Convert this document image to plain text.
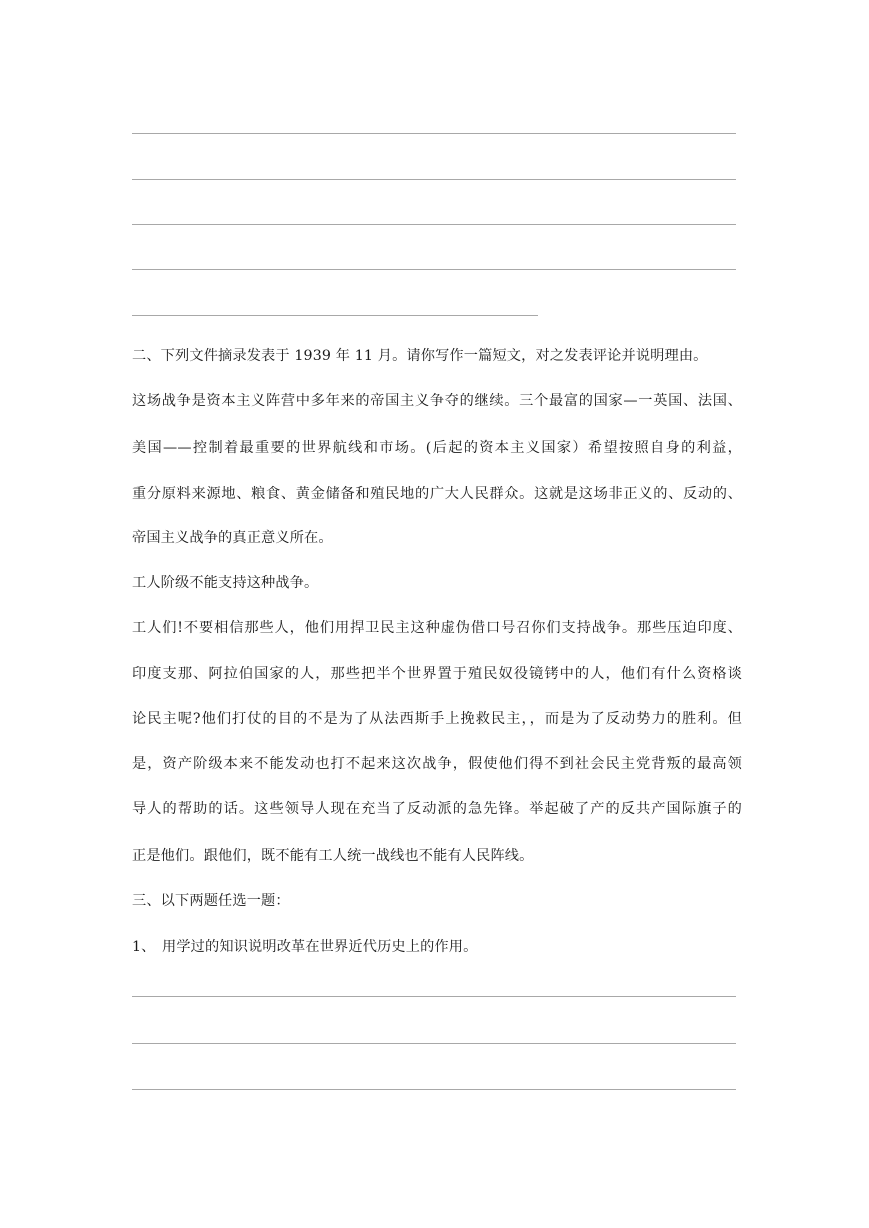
二、下列文件摘录发表于 1939 年 11 月。请你写作一篇短文，对之发表评论并说明理由。
这场战争是资本主义阵营中多年来的帝国主义争夺的继续。三个最富的国家—一英国、法国、
美国——控制着最重要的世界航线和市场。(后起的资本主义国家）希望按照自身的利益，
重分原料来源地、粮食、黄金储备和殖民地的广大人民群众。这就是这场非正义的、反动的、
帝国主义战争的真正意义所在。
工人阶级不能支持这种战争。
工人们!不要相信那些人，他们用捍卫民主这种虚伪借口号召你们支持战争。那些压迫印度、
印度支那、阿拉伯国家的人，那些把半个世界置于殖民奴役镜铐中的人，他们有什么资格谈
论民主呢?他们打仗的目的不是为了从法西斯手上挽救民主，，而是为了反动势力的胜利。但
是，资产阶级本来不能发动也打不起来这次战争，假使他们得不到社会民主党背叛的最高领
导人的帮助的话。这些领导人现在充当了反动派的急先锋。举起破了产的反共产国际旗子的
正是他们。跟他们，既不能有工人统一战线也不能有人民阵线。
三、以下两题任选一题：
1、 用学过的知识说明改革在世界近代历史上的作用。
